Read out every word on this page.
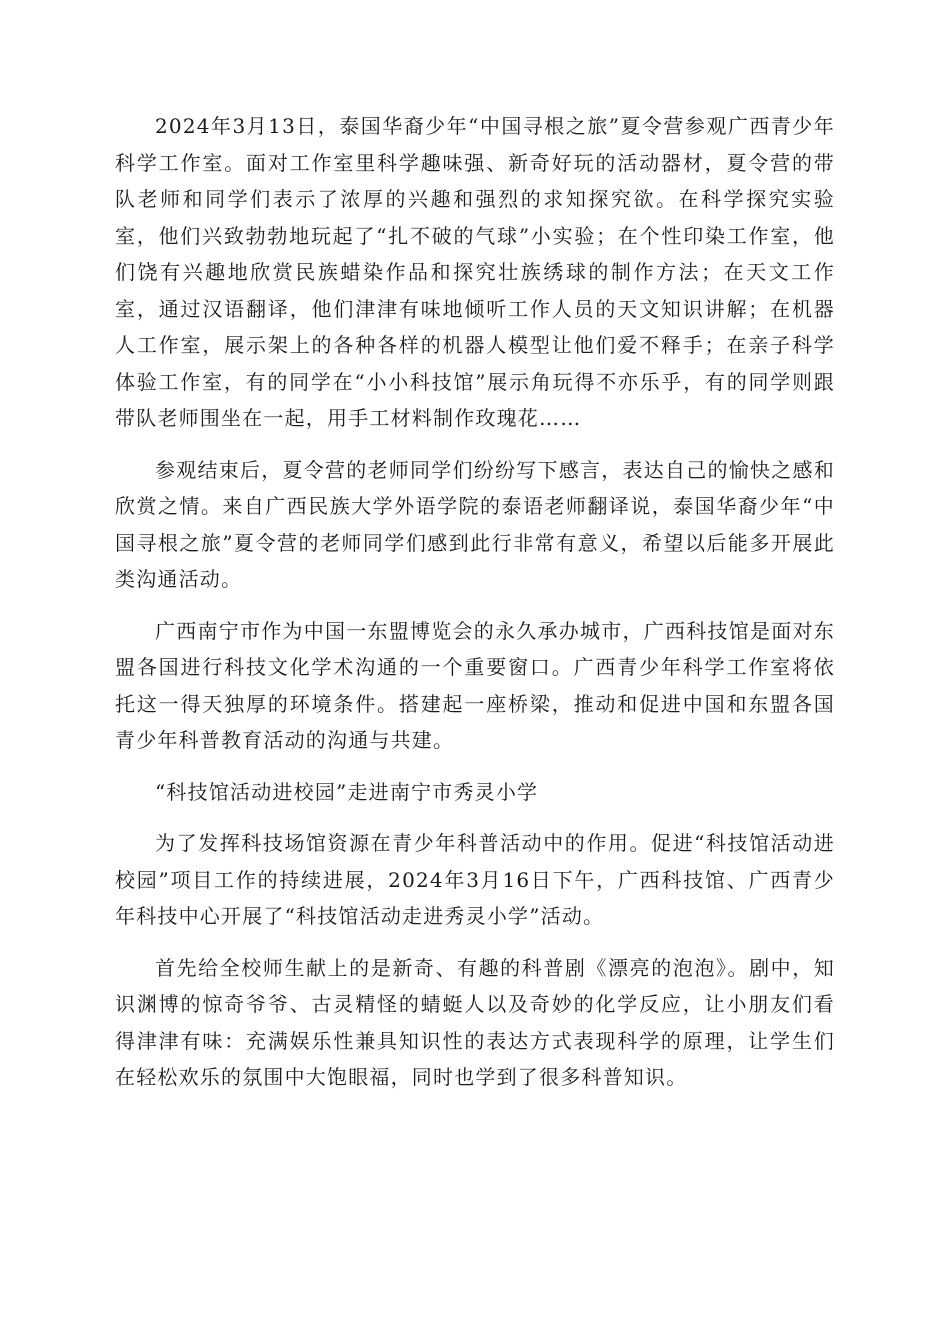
2024年3月13日，泰国华裔少年“中国寻根之旅”夏令营参观广西青少年科学工作室。面对工作室里科学趣味强、新奇好玩的活动器材，夏令营的带队老师和同学们表示了浓厚的兴趣和强烈的求知探究欲。在科学探究实验室，他们兴致勃勃地玩起了“扎不破的气球”小实验；在个性印染工作室，他们饶有兴趣地欣赏民族蜡染作品和探究壮族绣球的制作方法；在天文工作室，通过汉语翻译，他们津津有味地倾听工作人员的天文知识讲解；在机器人工作室，展示架上的各种各样的机器人模型让他们爱不释手；在亲子科学体验工作室，有的同学在“小小科技馆”展示角玩得不亦乐乎，有的同学则跟带队老师围坐在一起，用手工材料制作玫瑰花……

参观结束后，夏令营的老师同学们纷纷写下感言，表达自己的愉快之感和欣赏之情。来自广西民族大学外语学院的泰语老师翻译说，泰国华裔少年“中国寻根之旅”夏令营的老师同学们感到此行非常有意义，希望以后能多开展此类沟通活动。

广西南宁市作为中国一东盟博览会的永久承办城市，广西科技馆是面对东盟各国进行科技文化学术沟通的一个重要窗口。广西青少年科学工作室将依托这一得天独厚的环境条件。搭建起一座桥梁，推动和促进中国和东盟各国青少年科普教育活动的沟通与共建。

“科技馆活动进校园”走进南宁市秀灵小学

为了发挥科技场馆资源在青少年科普活动中的作用。促进“科技馆活动进校园”项目工作的持续进展，2024年3月16日下午，广西科技馆、广西青少年科技中心开展了“科技馆活动走进秀灵小学”活动。

首先给全校师生献上的是新奇、有趣的科普剧《漂亮的泡泡》。剧中，知识渊博的惊奇爷爷、古灵精怪的蜻蜓人以及奇妙的化学反应，让小朋友们看得津津有味：充满娱乐性兼具知识性的表达方式表现科学的原理，让学生们在轻松欢乐的氛围中大饱眼福，同时也学到了很多科普知识。
